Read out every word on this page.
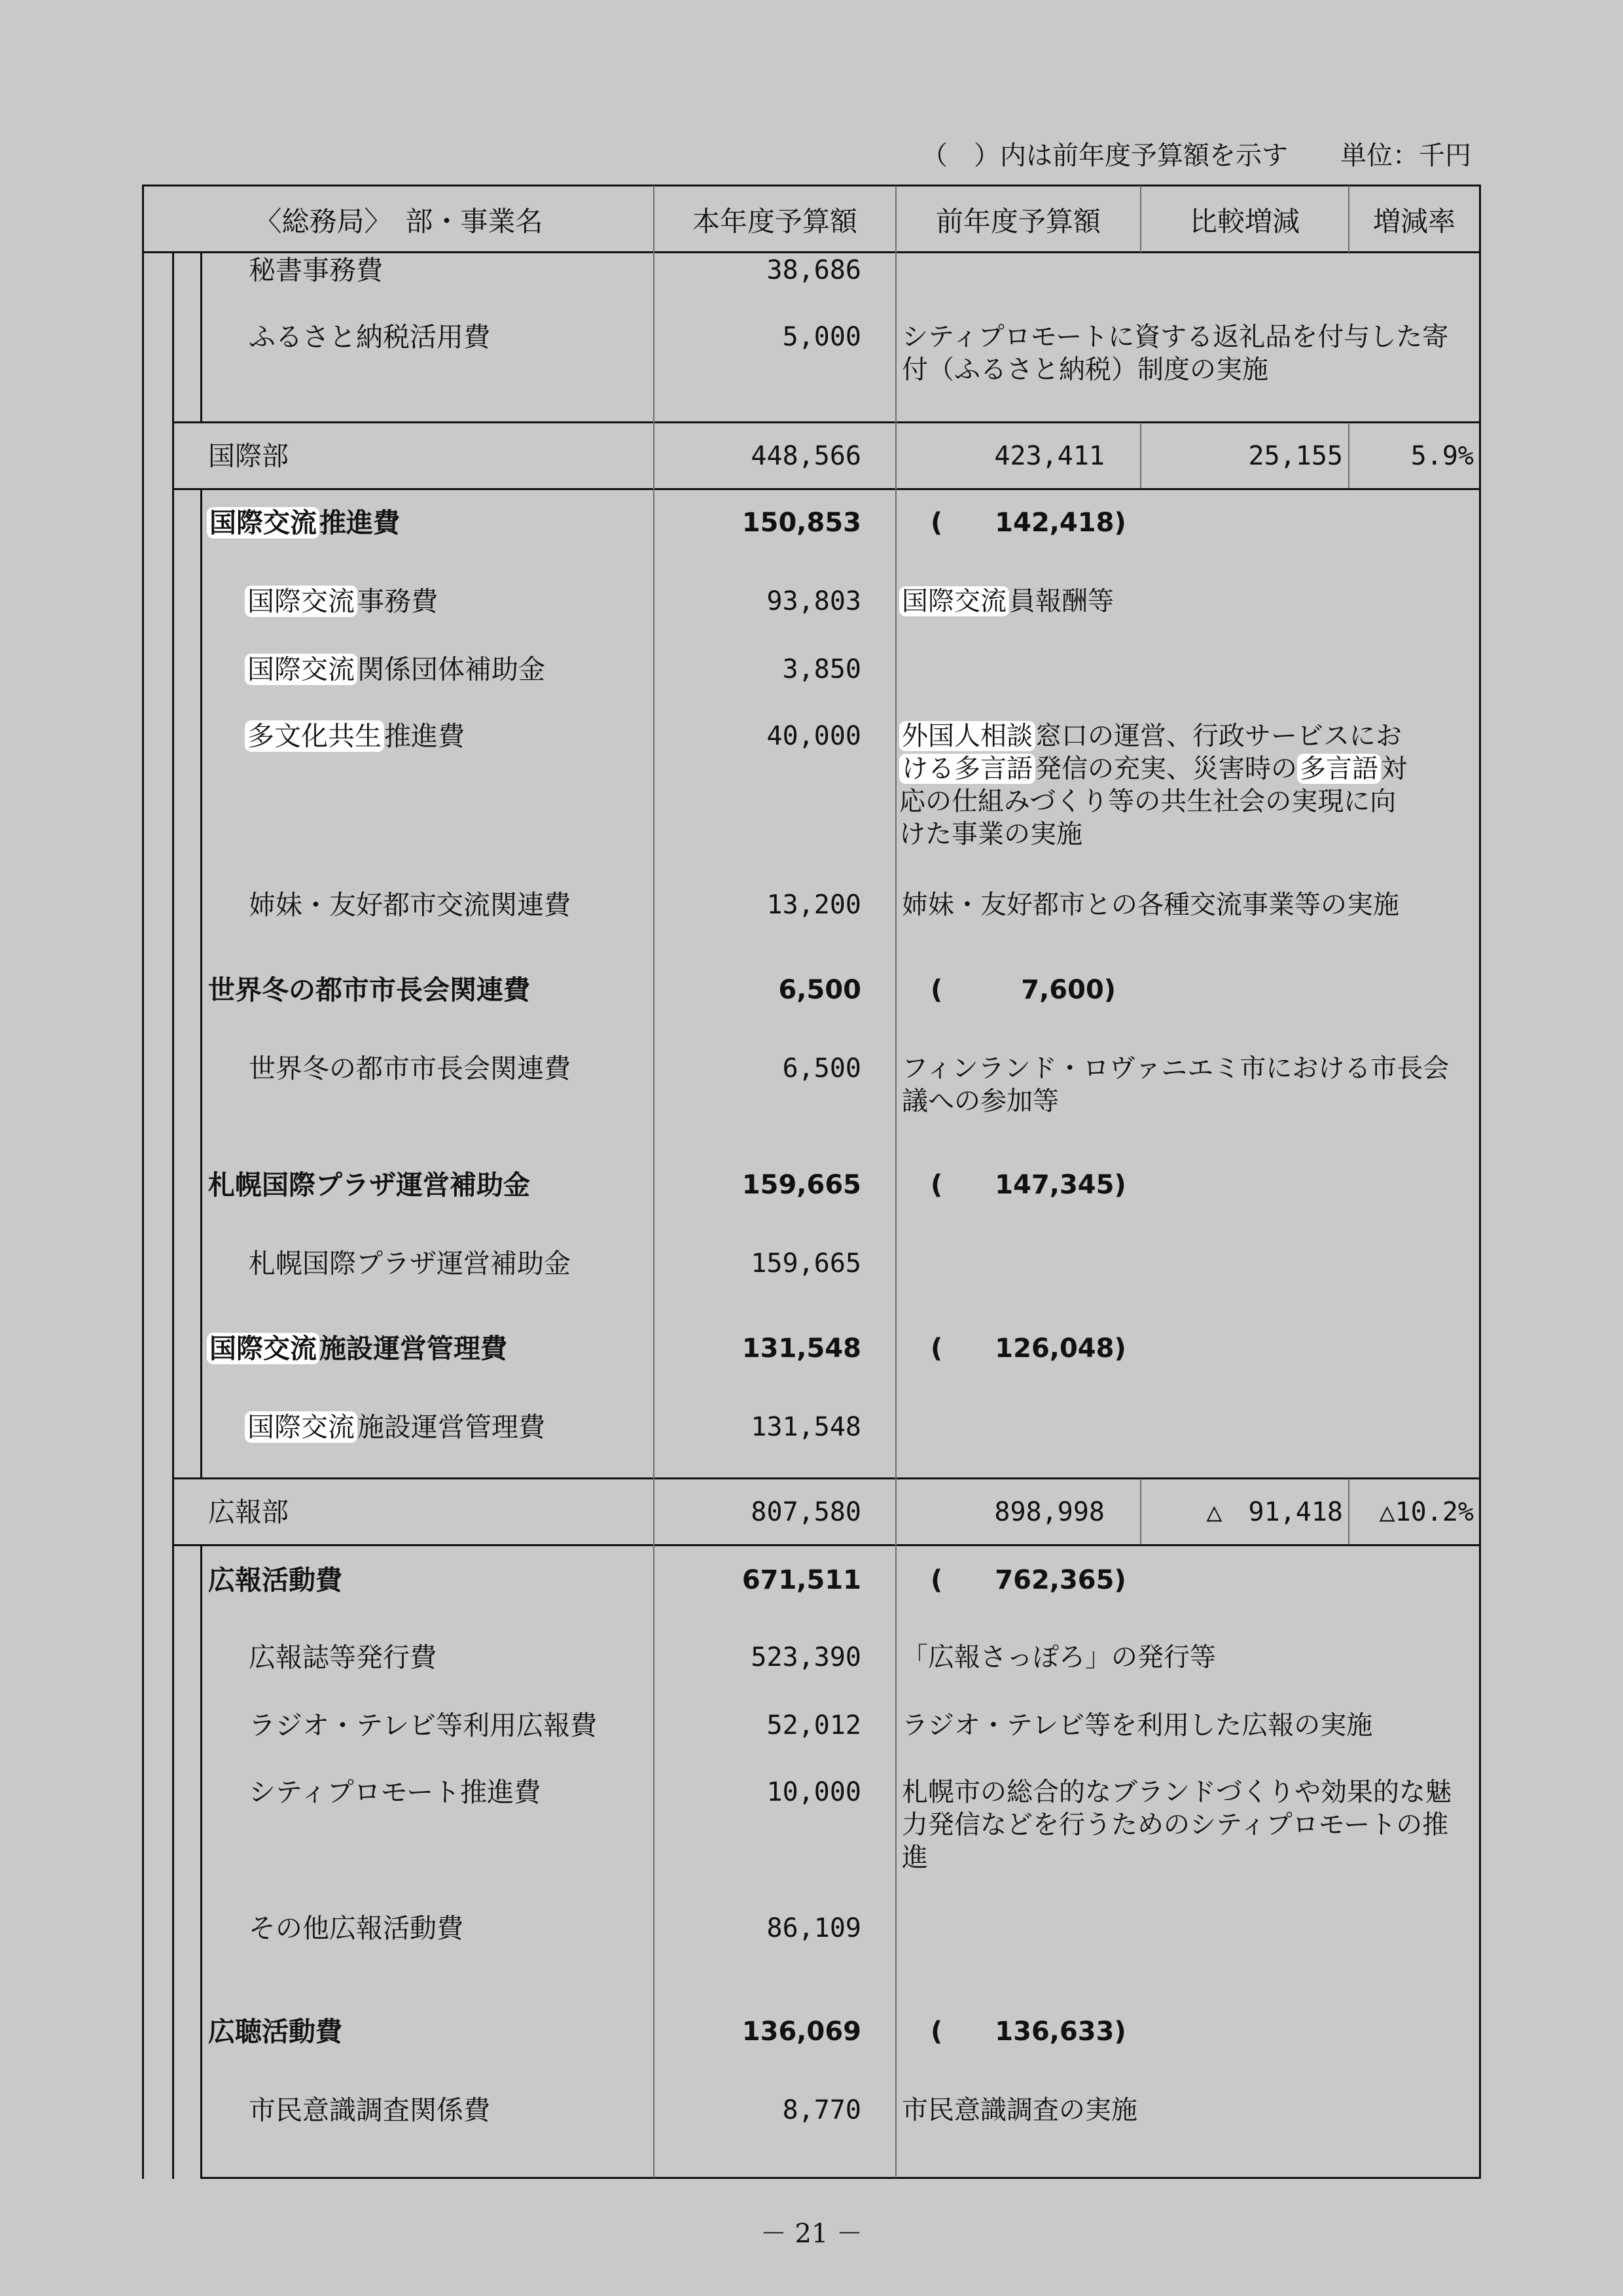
（　）内は前年度予算額を示す　　単位：千円
〈総務局〉　部・事業名	本年度予算額	前年度予算額	比較増減	増減率
秘書事務費	38,686
ふるさと納税活用費	5,000 シティプロモートに資する返礼品を付与した寄付（ふるさと納税）制度の実施
国際部	448,566	423,411	25,155	5.9%
国際交流推進費	150,853	(　　142,418)
国際交流事務費	93,803 国際交流 員報酬等
国際交流関係団体補助金	3,850
多文化共生推進費	40,000 外国人相談 窓口の運営、行政サービスにお
ける多言語 発信の充実、災害時の 多言語 対
応の仕組みづくり等の共生社会の実現に向
けた事業の実施
姉妹・友好都市交流関連費	13,200 姉妹・友好都市との各種交流事業等の実施
世界冬の都市市長会関連費	6,500	(　　　7,600)
世界冬の都市市長会関連費	6,500 フィンランド・ロヴァニエミ市における市長会議への参加等
札幌国際プラザ運営補助金	159,665	(　　147,345)
札幌国際プラザ運営補助金	159,665
国際交流施設運営管理費	131,548	(　　126,048)
国際交流施設運営管理費	131,548
広報部	807,580	898,998	△　91,418 △10.2%
広報活動費	671,511	(　　762,365)
広報誌等発行費	523,390 「広報さっぽろ」の発行等
ラジオ・テレビ等利用広報費	52,012 ラジオ・テレビ等を利用した広報の実施
シティプロモート推進費	10,000 札幌市の総合的なブランドづくりや効果的な魅力発信などを行うためのシティプロモートの推進
その他広報活動費	86,109
広聴活動費	136,069	(　　136,633)
市民意識調査関係費	8,770 市民意識調査の実施
－ 21 －
